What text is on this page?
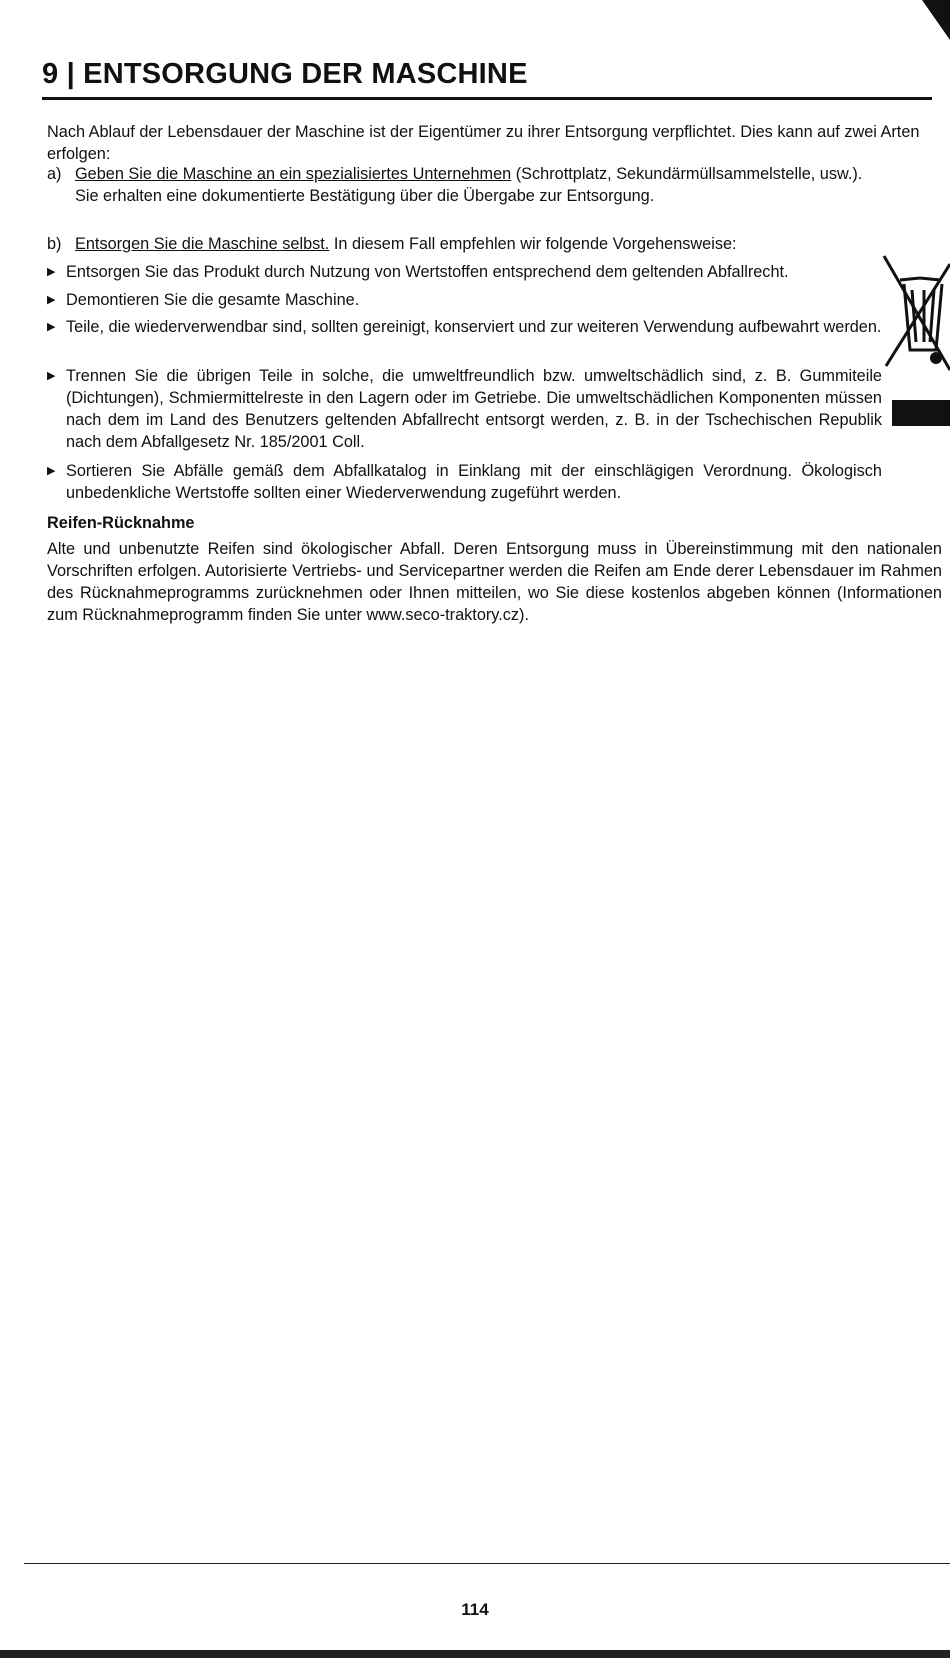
9 | ENTSORGUNG DER MASCHINE

Nach Ablauf der Lebensdauer der Maschine ist der Eigentümer zu ihrer Entsorgung verpflichtet. Dies kann auf zwei Arten erfolgen:

a) Geben Sie die Maschine an ein spezialisiertes Unternehmen (Schrottplatz, Sekundärmüllsammelstelle, usw.).
Sie erhalten eine dokumentierte Bestätigung über die Übergabe zur Entsorgung.
b) Entsorgen Sie die Maschine selbst. In diesem Fall empfehlen wir folgende Vorgehensweise:
▶ Entsorgen Sie das Produkt durch Nutzung von Wertstoffen entsprechend dem geltenden Abfallrecht.
▶ Demontieren Sie die gesamte Maschine.
▶ Teile, die wiederverwendbar sind, sollten gereinigt, konserviert und zur weiteren Verwendung aufbewahrt werden.
▶ Trennen Sie die übrigen Teile in solche, die umweltfreundlich bzw. umweltschädlich sind, z. B. Gummiteile (Dichtungen), Schmiermittelreste in den Lagern oder im Getriebe. Die umweltschädlichen Komponenten müssen nach dem im Land des Benutzers geltenden Abfallrecht entsorgt werden, z. B. in der Tschechischen Republik nach dem Abfallgesetz Nr. 185/2001 Coll.
▶ Sortieren Sie Abfälle gemäß dem Abfallkatalog in Einklang mit der einschlägigen Verordnung. Ökologisch unbedenkliche Wertstoffe sollten einer Wiederverwendung zugeführt werden.
Reifen-Rücknahme

Alte und unbenutzte Reifen sind ökologischer Abfall. Deren Entsorgung muss in Übereinstimmung mit den nationalen Vorschriften erfolgen. Autorisierte Vertriebs- und Servicepartner werden die Reifen am Ende derer Lebensdauer im Rahmen des Rücknahmeprogramms zurücknehmen oder Ihnen mitteilen, wo Sie diese kostenlos abgeben können (Informationen zum Rücknahmeprogramm finden Sie unter www.seco-traktory.cz).

114
